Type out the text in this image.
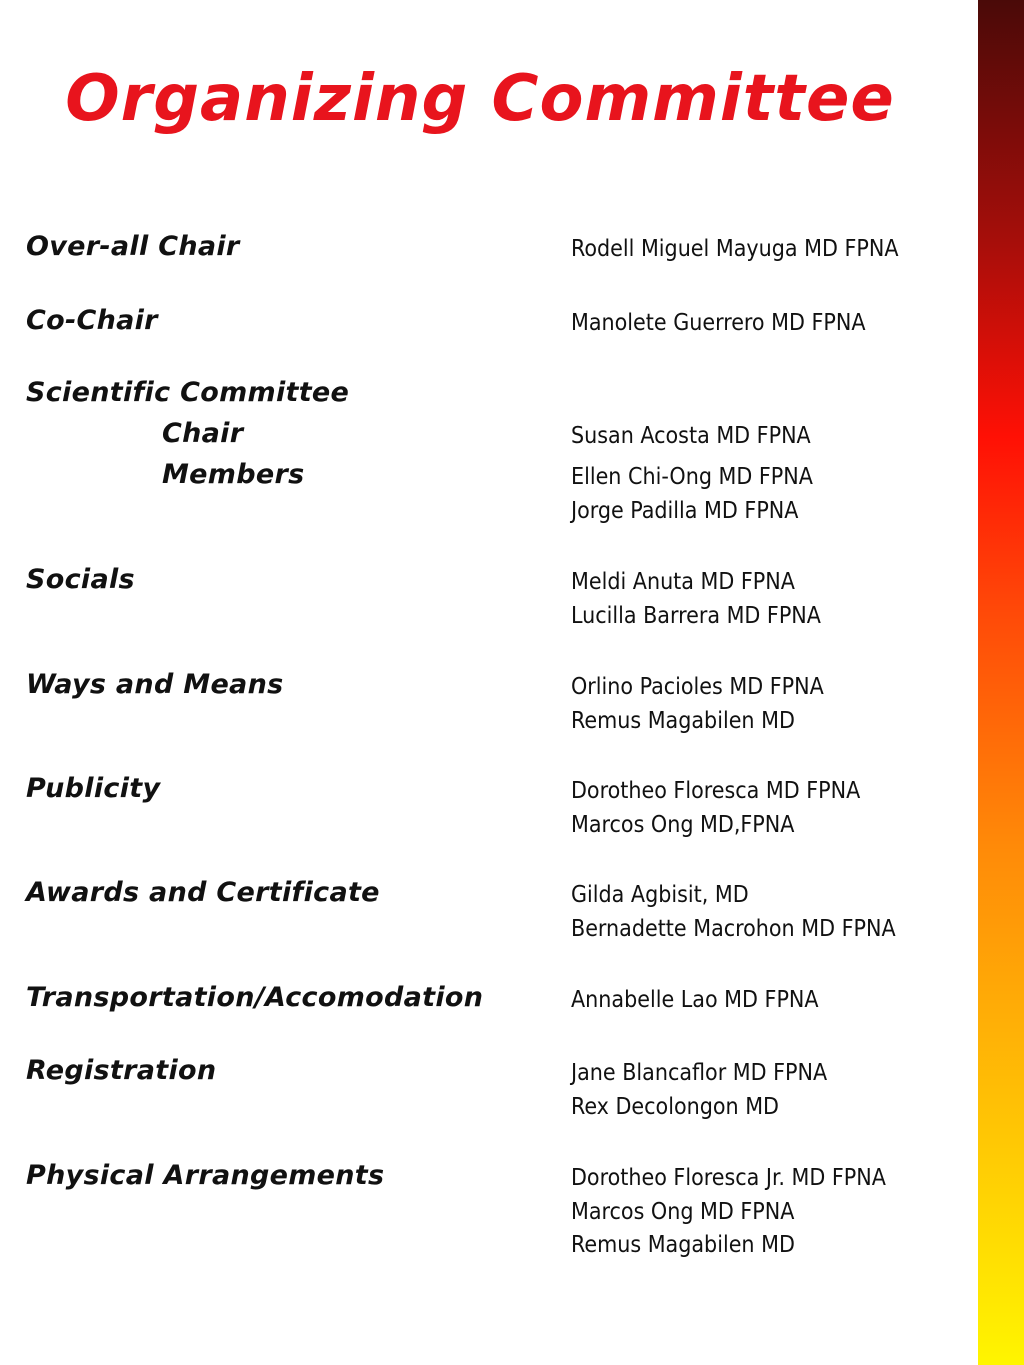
Organizing Committee
Over-all Chair	Rodell Miguel Mayuga MD FPNA
Co-Chair	Manolete Guerrero MD FPNA
Scientific Committee
Chair	Susan Acosta MD FPNA
Members	Ellen Chi-Ong MD FPNA
Jorge Padilla MD FPNA
Socials	Meldi Anuta MD FPNA
Lucilla Barrera MD FPNA
Ways and Means	Orlino Pacioles MD FPNA
Remus Magabilen MD
Publicity	Dorotheo Floresca MD FPNA
Marcos Ong MD,FPNA
Awards and Certificate	Gilda Agbisit, MD
Bernadette Macrohon MD FPNA
Transportation/Accomodation	Annabelle Lao MD FPNA
Registration	Jane Blancaflor MD FPNA
Rex Decolongon MD
Physical Arrangements	Dorotheo Floresca Jr. MD FPNA
Marcos Ong MD FPNA
Remus Magabilen MD
